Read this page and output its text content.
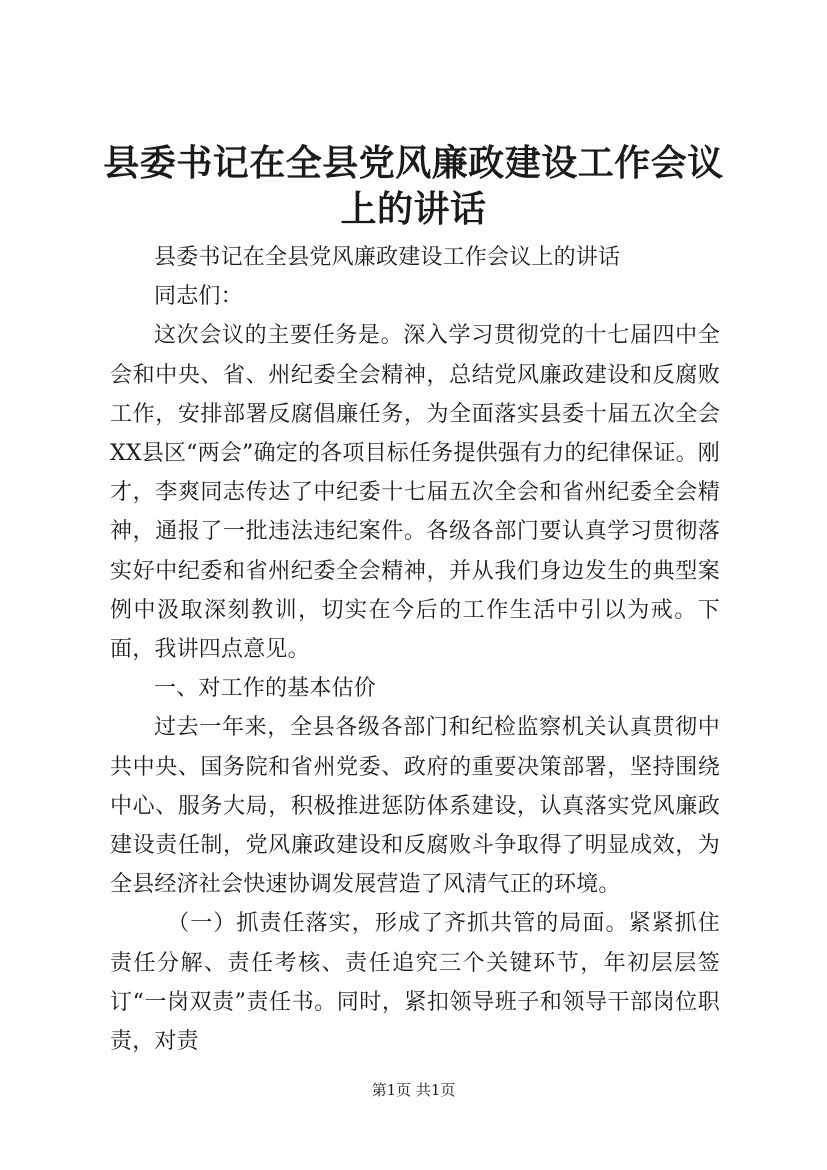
县委书记在全县党风廉政建设工作会议上的讲话

县委书记在全县党风廉政建设工作会议上的讲话

同志们：

这次会议的主要任务是。深入学习贯彻党的十七届四中全会和中央、省、州纪委全会精神，总结党风廉政建设和反腐败工作，安排部署反腐倡廉任务，为全面落实县委十届五次全会XX县区“两会”确定的各项目标任务提供强有力的纪律保证。刚才，李爽同志传达了中纪委十七届五次全会和省州纪委全会精神，通报了一批违法违纪案件。各级各部门要认真学习贯彻落实好中纪委和省州纪委全会精神，并从我们身边发生的典型案例中汲取深刻教训，切实在今后的工作生活中引以为戒。下面，我讲四点意见。

一、对工作的基本估价

过去一年来，全县各级各部门和纪检监察机关认真贯彻中共中央、国务院和省州党委、政府的重要决策部署，坚持围绕中心、服务大局，积极推进惩防体系建设，认真落实党风廉政建设责任制，党风廉政建设和反腐败斗争取得了明显成效，为全县经济社会快速协调发展营造了风清气正的环境。

（一）抓责任落实，形成了齐抓共管的局面。紧紧抓住责任分解、责任考核、责任追究三个关键环节，年初层层签订“一岗双责”责任书。同时，紧扣领导班子和领导干部岗位职责，对责

第1页 共1页
